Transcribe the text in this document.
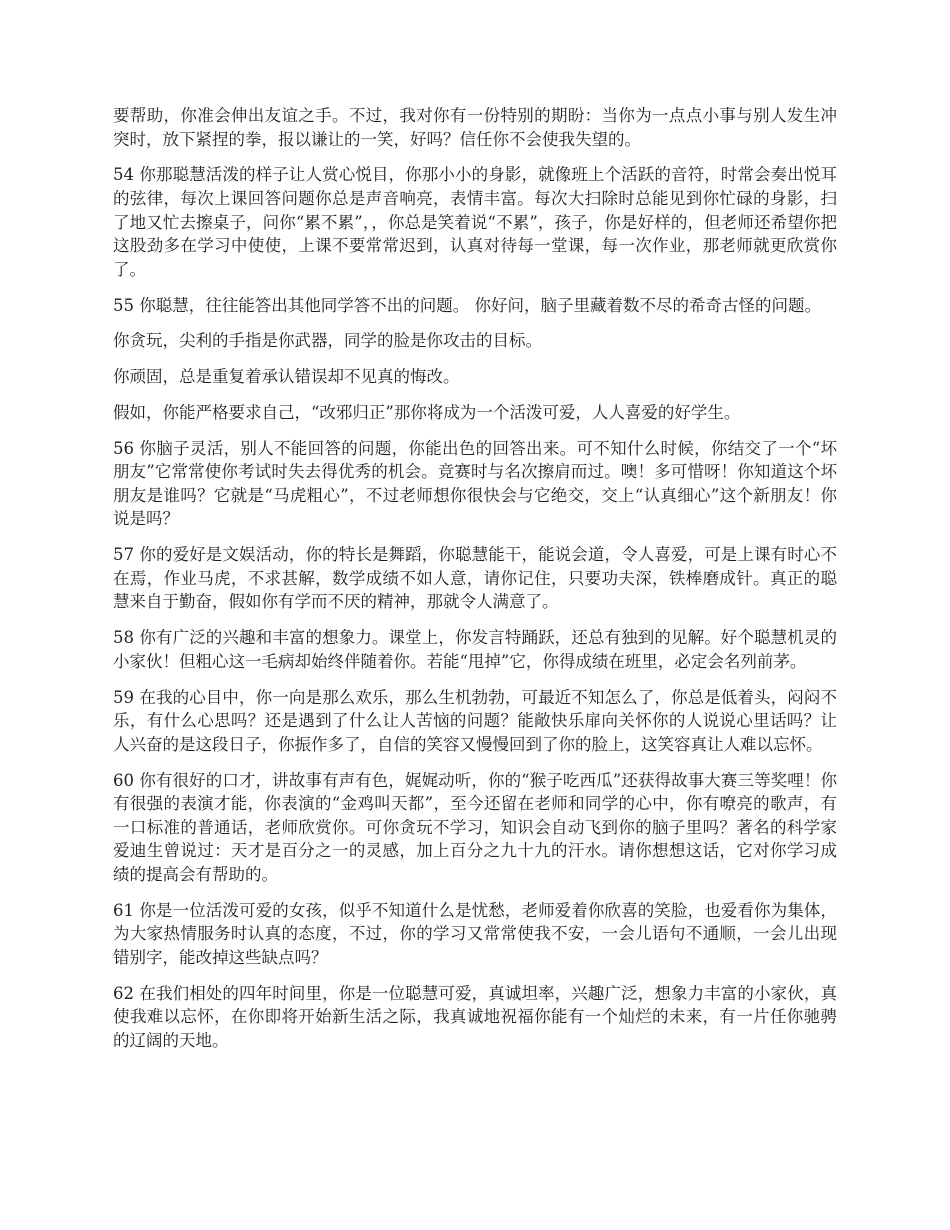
要帮助，你准会伸出友谊之手。不过，我对你有一份特别的期盼：当你为一点点小事与别人发生冲突时，放下紧捏的拳，报以谦让的一笑，好吗？信任你不会使我失望的。

54 你那聪慧活泼的样子让人赏心悦目，你那小小的身影，就像班上个活跃的音符，时常会奏出悦耳的弦律，每次上课回答问题你总是声音响亮，表情丰富。每次大扫除时总能见到你忙碌的身影，扫了地又忙去擦桌子，问你“累不累”，，你总是笑着说“不累”，孩子，你是好样的，但老师还希望你把这股劲多在学习中使使，上课不要常常迟到，认真对待每一堂课，每一次作业，那老师就更欣赏你了。

55 你聪慧，往往能答出其他同学答不出的问题。 你好问，脑子里藏着数不尽的希奇古怪的问题。

你贪玩，尖利的手指是你武器，同学的脸是你攻击的目标。

你顽固，总是重复着承认错误却不见真的悔改。

假如，你能严格要求自己，“改邪归正”那你将成为一个活泼可爱，人人喜爱的好学生。

56 你脑子灵活，别人不能回答的问题，你能出色的回答出来。可不知什么时候，你结交了一个“坏朋友”它常常使你考试时失去得优秀的机会。竞赛时与名次擦肩而过。噢！多可惜呀！你知道这个坏朋友是谁吗？它就是“马虎粗心”，不过老师想你很快会与它绝交，交上“认真细心”这个新朋友！你说是吗？

57 你的爱好是文娱活动，你的特长是舞蹈，你聪慧能干，能说会道，令人喜爱，可是上课有时心不在焉，作业马虎，不求甚解，数学成绩不如人意，请你记住，只要功夫深，铁棒磨成针。真正的聪慧来自于勤奋，假如你有学而不厌的精神，那就令人满意了。

58 你有广泛的兴趣和丰富的想象力。课堂上，你发言特踊跃，还总有独到的见解。好个聪慧机灵的小家伙！但粗心这一毛病却始终伴随着你。若能“甩掉”它，你得成绩在班里，必定会名列前茅。

59 在我的心目中，你一向是那么欢乐，那么生机勃勃，可最近不知怎么了，你总是低着头，闷闷不乐，有什么心思吗？还是遇到了什么让人苦恼的问题？能敞快乐扉向关怀你的人说说心里话吗？让人兴奋的是这段日子，你振作多了，自信的笑容又慢慢回到了你的脸上，这笑容真让人难以忘怀。

60 你有很好的口才，讲故事有声有色，娓娓动听，你的“猴子吃西瓜”还获得故事大赛三等奖哩！你有很强的表演才能，你表演的“金鸡叫天都”，至今还留在老师和同学的心中，你有嘹亮的歌声，有一口标准的普通话，老师欣赏你。可你贪玩不学习，知识会自动飞到你的脑子里吗？著名的科学家爱迪生曾说过：天才是百分之一的灵感，加上百分之九十九的汗水。请你想想这话，它对你学习成绩的提高会有帮助的。

61 你是一位活泼可爱的女孩，似乎不知道什么是忧愁，老师爱着你欣喜的笑脸，也爱看你为集体，为大家热情服务时认真的态度，不过，你的学习又常常使我不安，一会儿语句不通顺，一会儿出现错别字，能改掉这些缺点吗？

62 在我们相处的四年时间里，你是一位聪慧可爱，真诚坦率，兴趣广泛，想象力丰富的小家伙，真使我难以忘怀，在你即将开始新生活之际，我真诚地祝福你能有一个灿烂的未来，有一片任你驰骋的辽阔的天地。
